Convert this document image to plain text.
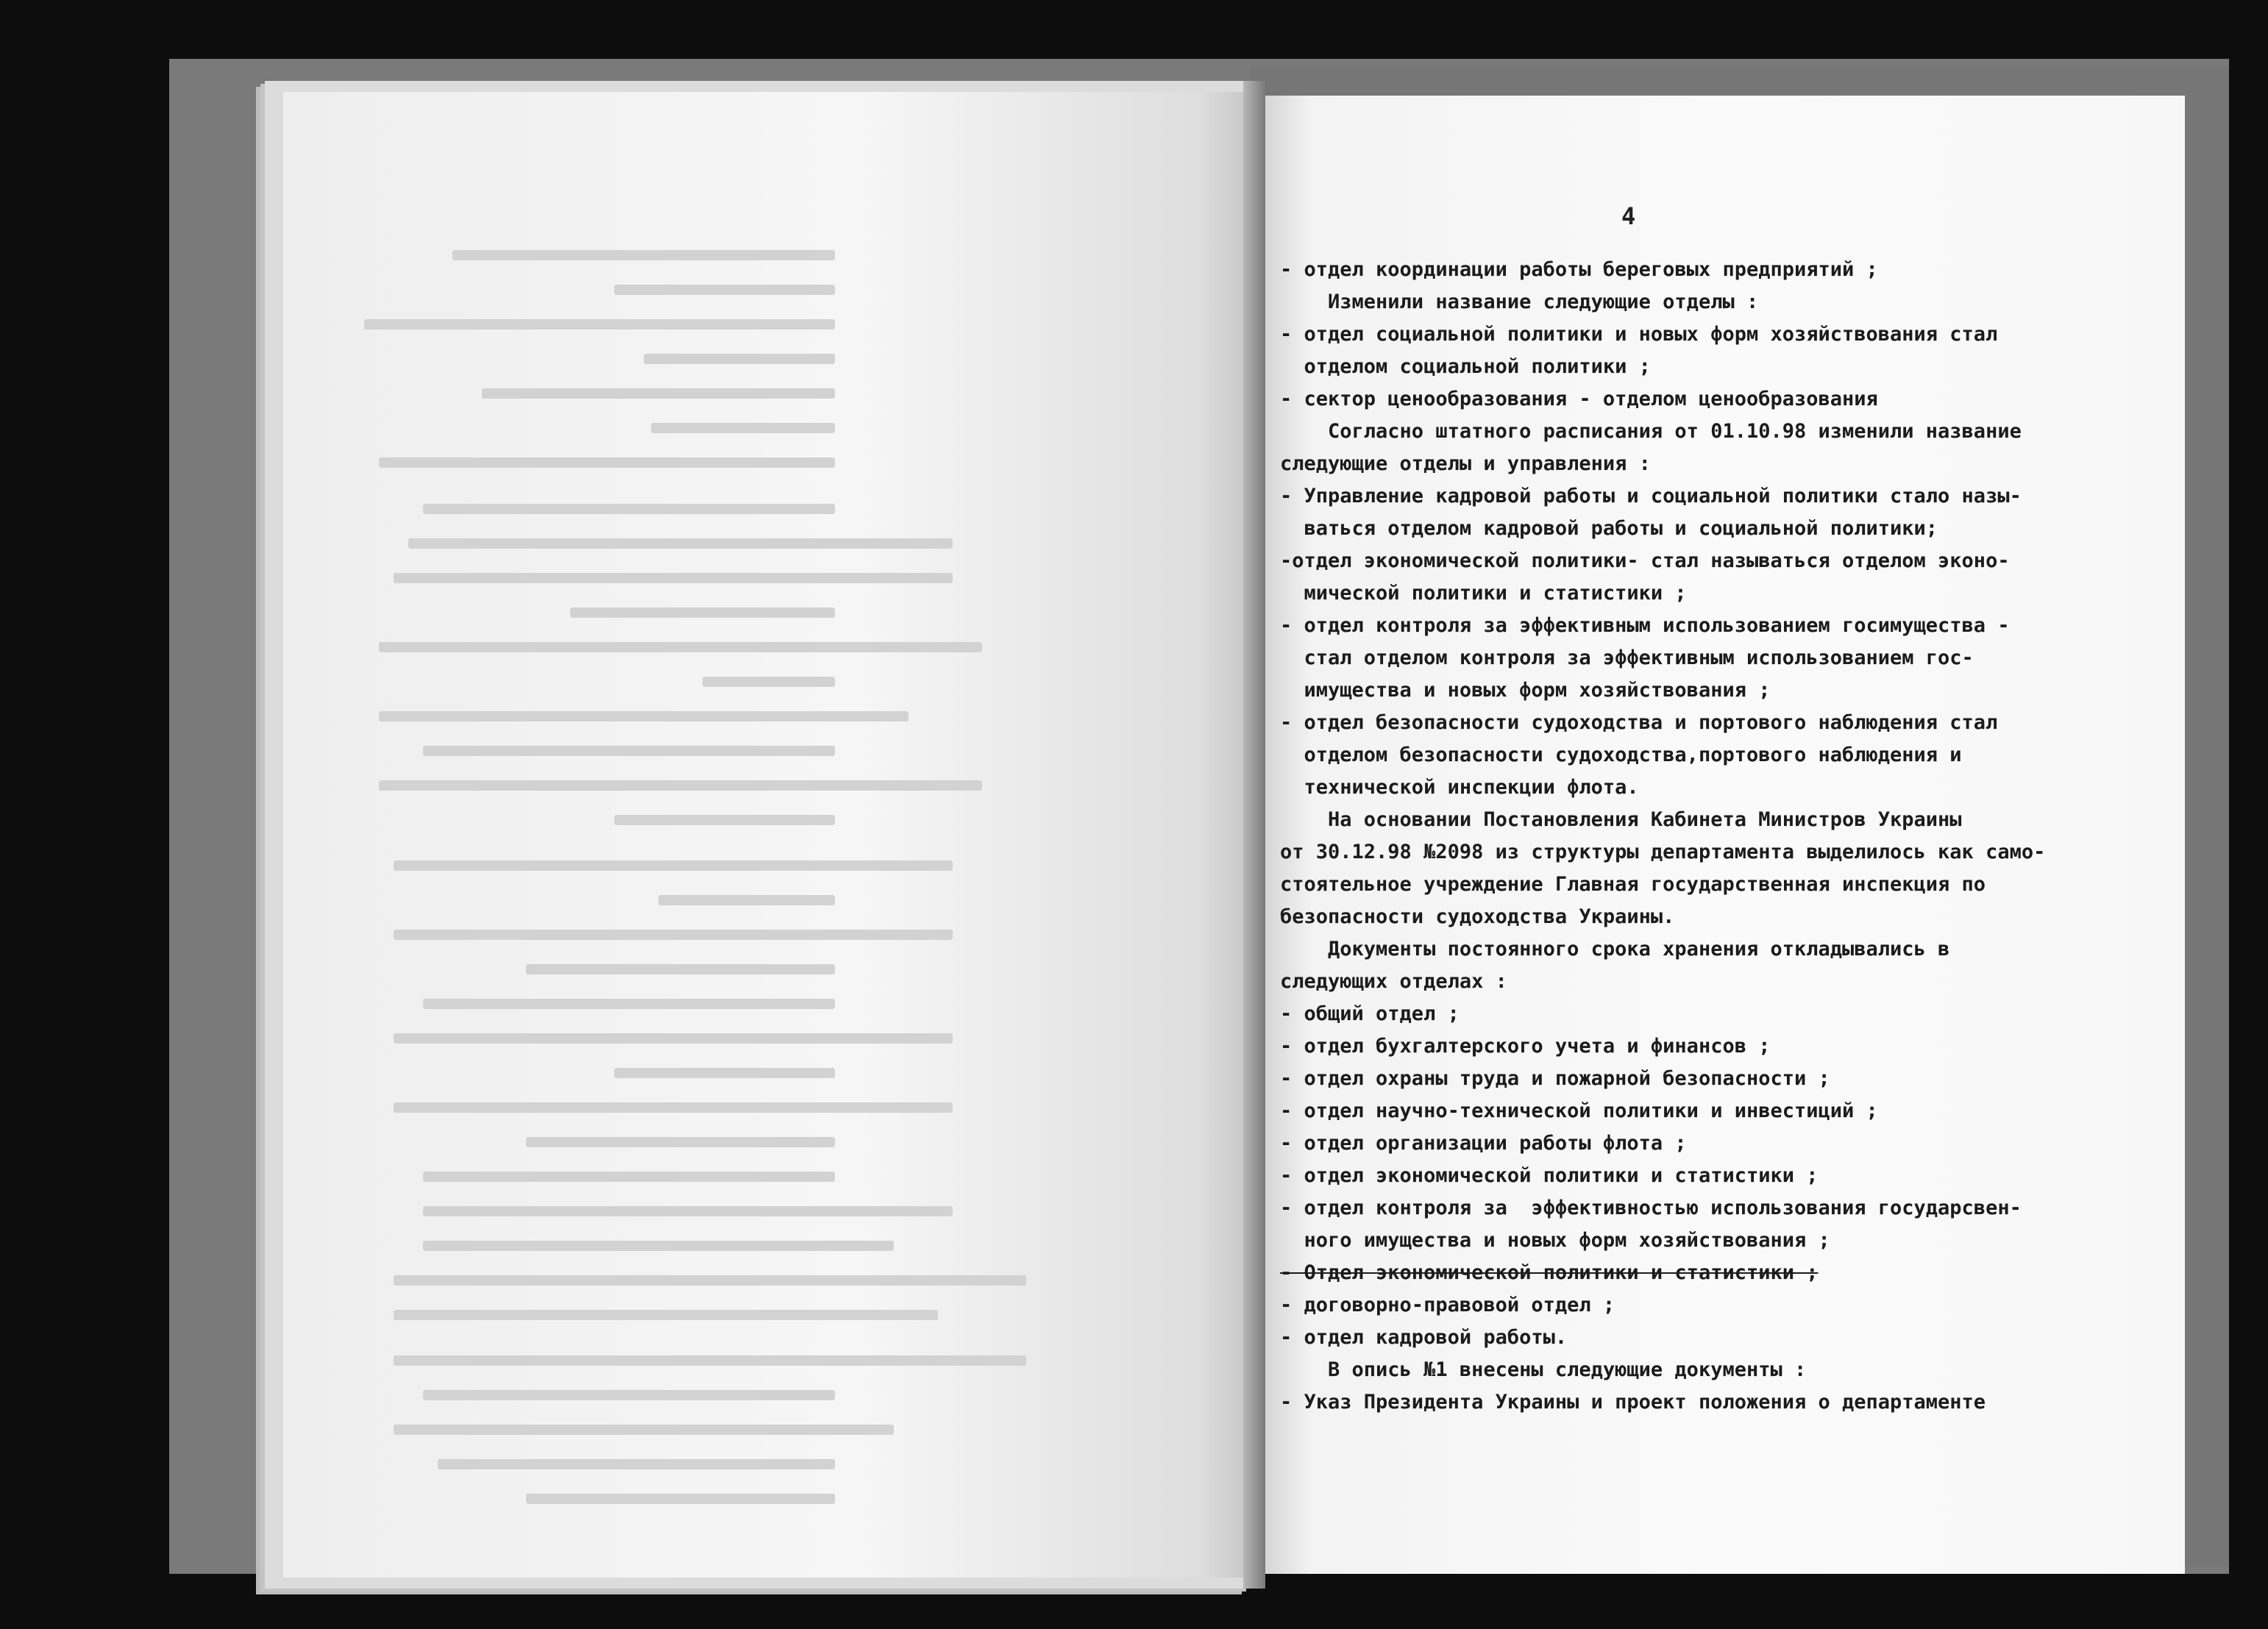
4
- отдел координации работы береговых предприятий ;
Изменили название следующие отделы :
- отдел социальной политики и новых форм хозяйствования стал
отделом социальной политики ;
- сектор ценообразования - отделом ценообразования
Согласно штатного расписания от 01.10.98 изменили название
следующие отделы и управления :
- Управление кадровой работы и социальной политики стало назы-
ваться отделом кадровой работы и социальной политики;
-отдел экономической политики- стал называться отделом эконо-
мической политики и статистики ;
- отдел контроля за эффективным использованием госимущества -
стал отделом контроля за эффективным использованием гос-
имущества и новых форм хозяйствования ;
- отдел безопасности судоходства и портового наблюдения стал
отделом безопасности судоходства,портового наблюдения и
технической инспекции флота.
На основании Постановления Кабинета Министров Украины
от 30.12.98 №2098 из структуры департамента выделилось как само-
стоятельное учреждение Главная государственная инспекция по
безопасности судоходства Украины.
Документы постоянного срока хранения откладывались в
следующих отделах :
- общий отдел ;
- отдел бухгалтерского учета и финансов ;
- отдел охраны труда и пожарной безопасности ;
- отдел научно-технической политики и инвестиций ;
- отдел организации работы флота ;
- отдел экономической политики и статистики ;
- отдел контроля за  эффективностью использования государсвен-
ного имущества и новых форм хозяйствования ;
- Отдел экономической политики и статистики ;
- договорно-правовой отдел ;
- отдел кадровой работы.
В опись №1 внесены следующие документы :
- Указ Президента Украины и проект положения о департаменте
